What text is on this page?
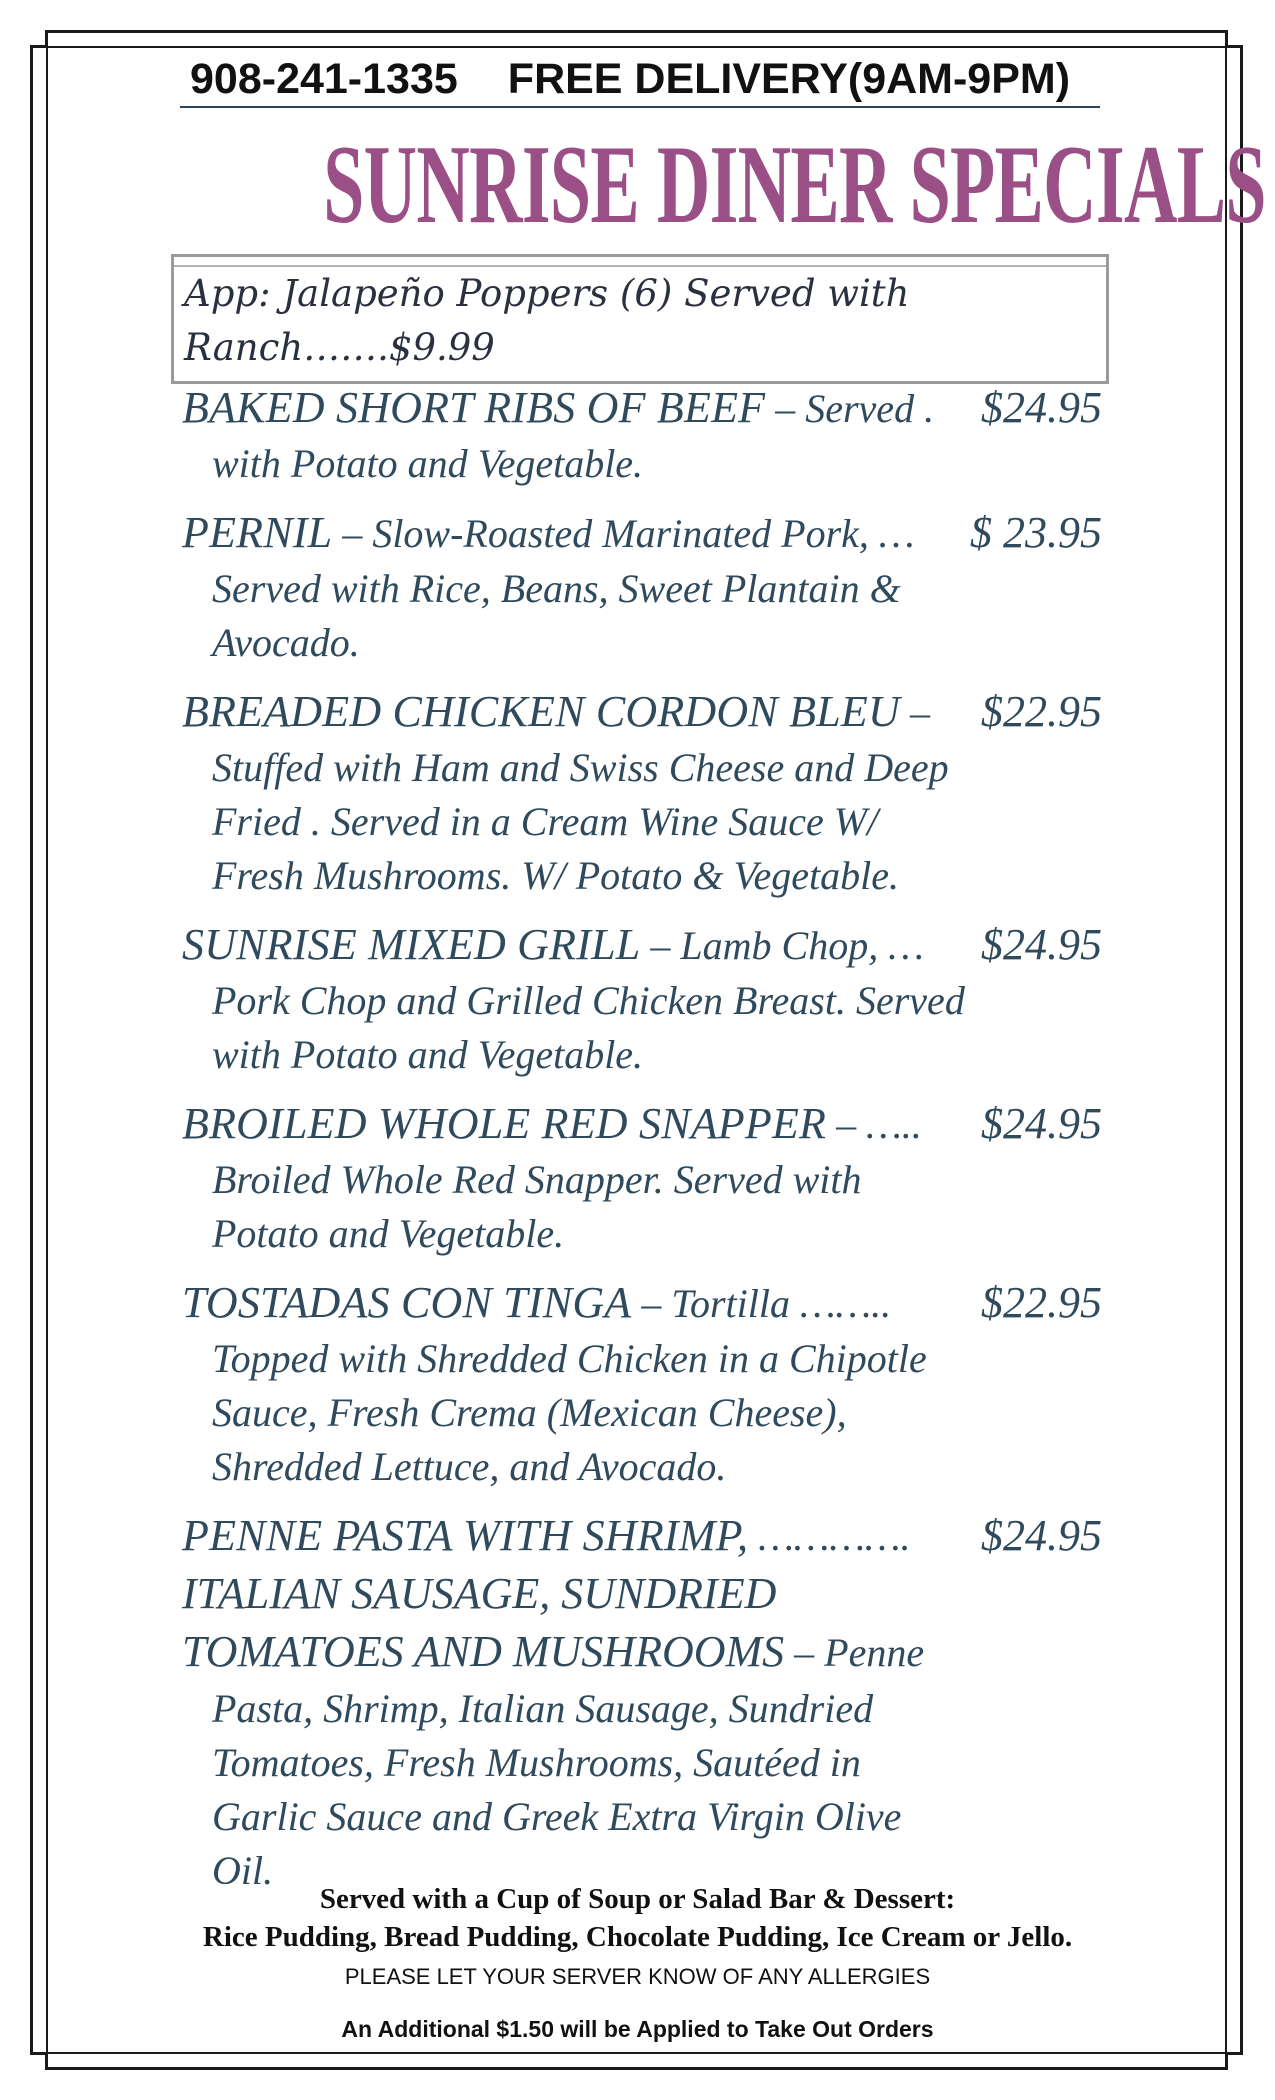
908-241-1335 FREE DELIVERY(9AM-9PM)
SUNRISE DINER SPECIALS

App: Jalapeño Poppers (6) Served with

Ranch…….$9.99

BAKED SHORT RIBS OF BEEF – Served . $24.95

with Potato and Vegetable.

PERNIL – Slow-Roasted Marinated Pork, … $ 23.95

Served with Rice, Beans, Sweet Plantain &

Avocado.

BREADED CHICKEN CORDON BLEU – $22.95

Stuffed with Ham and Swiss Cheese and Deep

Fried . Served in a Cream Wine Sauce W/

Fresh Mushrooms. W/ Potato & Vegetable.

SUNRISE MIXED GRILL – Lamb Chop, … $24.95

Pork Chop and Grilled Chicken Breast. Served

with Potato and Vegetable.

BROILED WHOLE RED SNAPPER – ….. $24.95

Broiled Whole Red Snapper. Served with

Potato and Vegetable.

TOSTADAS CON TINGA – Tortilla …….. $22.95

Topped with Shredded Chicken in a Chipotle

Sauce, Fresh Crema (Mexican Cheese),

Shredded Lettuce, and Avocado.

PENNE PASTA WITH SHRIMP, …………. $24.95
ITALIAN SAUSAGE, SUNDRIED
TOMATOES AND MUSHROOMS – Penne

Pasta, Shrimp, Italian Sausage, Sundried

Tomatoes, Fresh Mushrooms, Sautéed in

Garlic Sauce and Greek Extra Virgin Olive

Oil.

Served with a Cup of Soup or Salad Bar & Dessert:
Rice Pudding, Bread Pudding, Chocolate Pudding, Ice Cream or Jello.
PLEASE LET YOUR SERVER KNOW OF ANY ALLERGIES
An Additional $1.50 will be Applied to Take Out Orders
